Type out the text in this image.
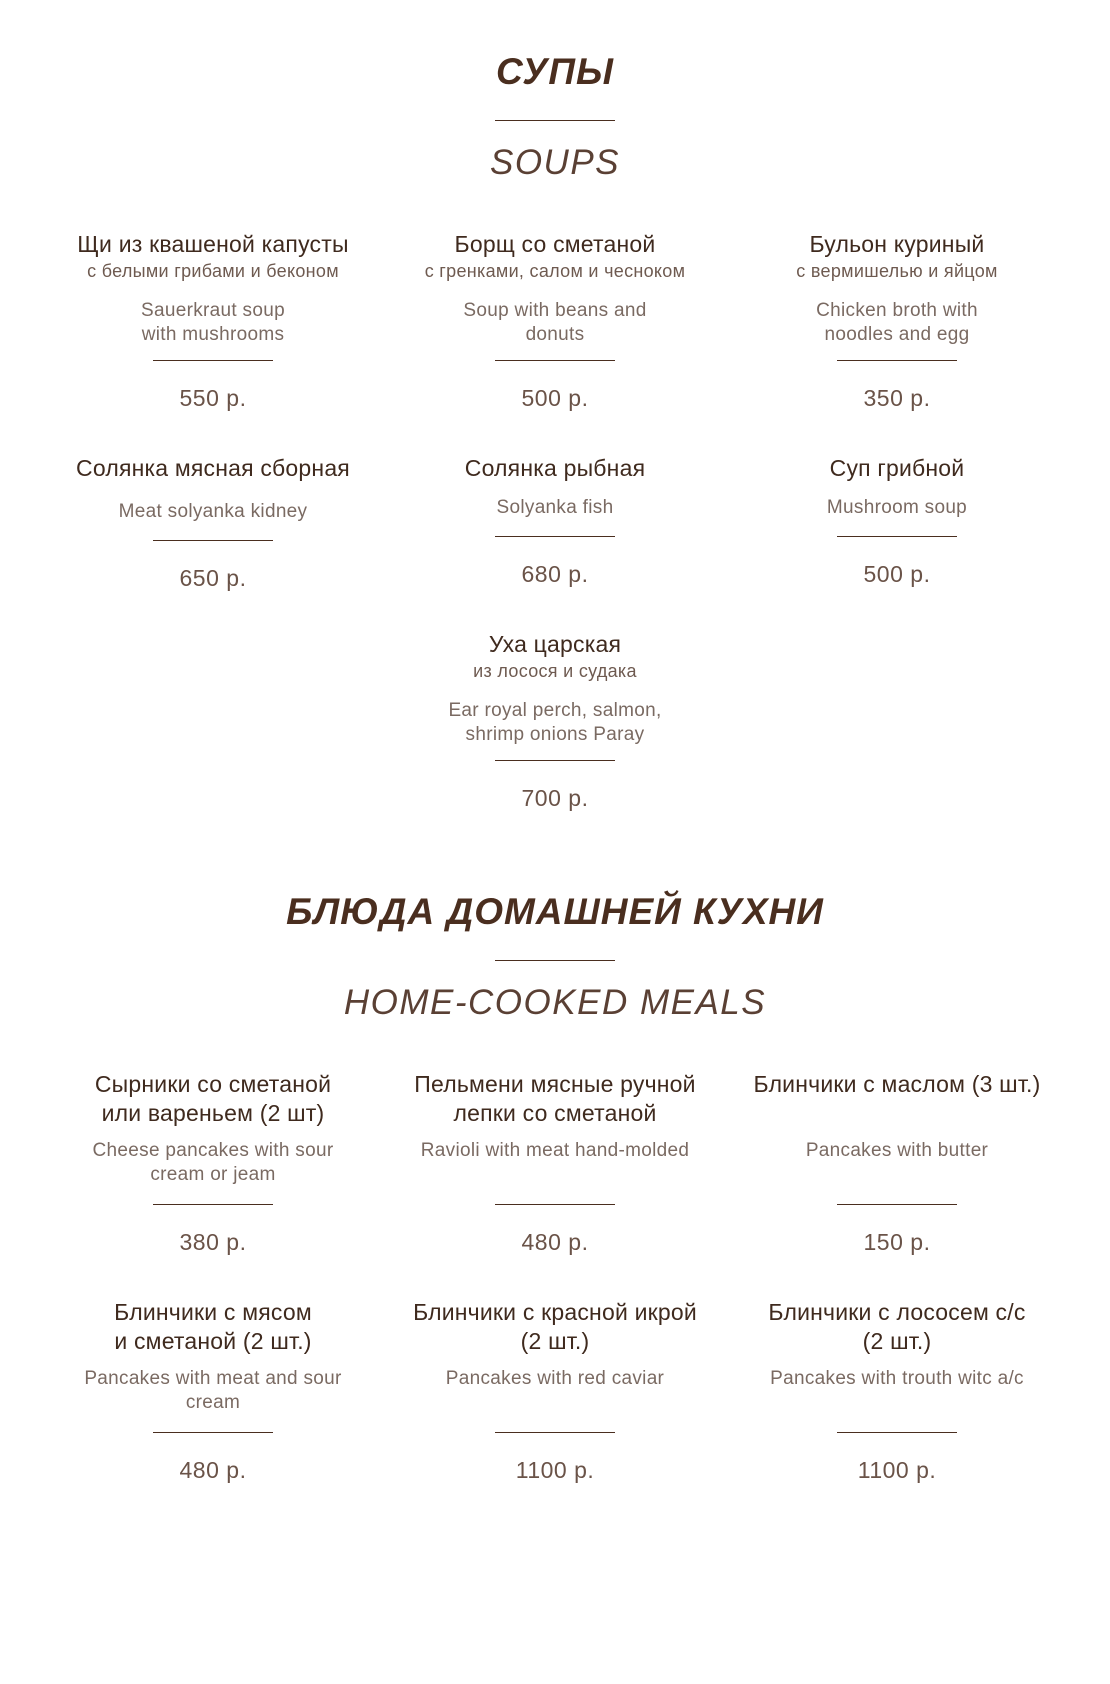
СУПЫ
SOUPS

Щи из квашеной капусты

с белыми грибами и беконом

Sauerkraut soup
with mushrooms

550 р.

Борщ со сметаной

с гренками, салом и чесноком

Soup with beans and
donuts

500 р.

Бульон куриный

с вермишелью и яйцом

Chicken broth with
noodles and egg

350 р.

Солянка мясная сборная

Meat solyanka kidney

650 р.

Солянка рыбная

Solyanka fish

680 р.

Суп грибной

Mushroom soup

500 р.

Уха царская

из лосося и судака

Ear royal perch, salmon,
shrimp onions Paray

700 р.

БЛЮДА ДОМАШНЕЙ КУХНИ
HOME-COOKED MEALS

Сырники со сметаной
или вареньем (2 шт)

Cheese pancakes with sour
cream or jeam

380 р.

Пельмени мясные ручной
лепки со сметаной

Ravioli with meat hand-molded

480 р.

Блинчики с маслом (3 шт.)

Pancakes with butter

150 р.

Блинчики с мясом
и сметаной (2 шт.)

Pancakes with meat and sour
cream

480 р.

Блинчики с красной икрой
(2 шт.)

Pancakes with red caviar

1100 р.

Блинчики с лососем с/с
(2 шт.)

Pancakes with trouth witc a/c

1100 р.
